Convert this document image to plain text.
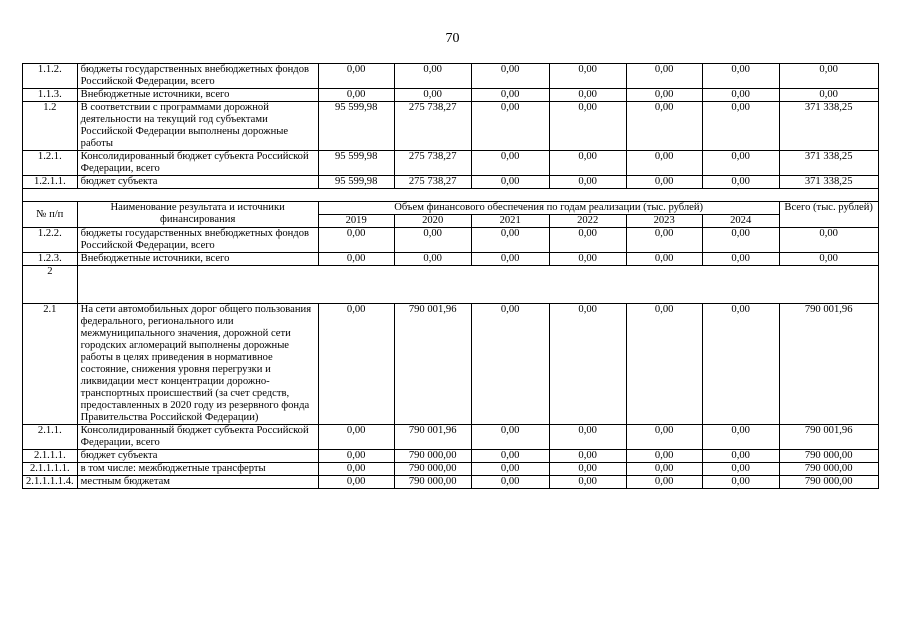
70
1.1.2.	бюджеты государственных внебюджетных фондов Российской Федерации, всего	0,00	0,00	0,00	0,00	0,00	0,00	0,00
1.1.3.	Внебюджетные источники, всего	0,00	0,00	0,00	0,00	0,00	0,00	0,00
1.2	В соответствии с программами дорожной деятельности на текущий год субъектами Российской Федерации выполнены дорожные работы	95 599,98	275 738,27	0,00	0,00	0,00	0,00	371 338,25
1.2.1.	Консолидированный бюджет субъекта Российской Федерации, всего	95 599,98	275 738,27	0,00	0,00	0,00	0,00	371 338,25
1.2.1.1.	бюджет субъекта	95 599,98	275 738,27	0,00	0,00	0,00	0,00	371 338,25

№ п/п	Наименование результата и источники финансирования	Объем финансового обеспечения по годам реализации (тыс. рублей)						Всего (тыс. рублей)
		2019	2020	2021	2022	2023	2024	
1.2.2.	бюджеты государственных внебюджетных фондов Российской Федерации, всего	0,00	0,00	0,00	0,00	0,00	0,00	0,00
1.2.3.	Внебюджетные источники, всего	0,00	0,00	0,00	0,00	0,00	0,00	0,00
2								
2.1	На сети автомобильных дорог общего пользования федерального, регионального или межмуниципального значения, дорожной сети городских агломераций выполнены дорожные работы в целях приведения в нормативное состояние, снижения уровня перегрузки и ликвидации мест концентрации дорожно-транспортных происшествий (за счет средств, предоставленных в 2020 году из резервного фонда Правительства Российской Федерации)	0,00	790 001,96	0,00	0,00	0,00	0,00	790 001,96
2.1.1.	Консолидированный бюджет субъекта Российской Федерации, всего	0,00	790 001,96	0,00	0,00	0,00	0,00	790 001,96
2.1.1.1.	бюджет субъекта	0,00	790 000,00	0,00	0,00	0,00	0,00	790 000,00
2.1.1.1.1.	в том числе: межбюджетные трансферты	0,00	790 000,00	0,00	0,00	0,00	0,00	790 000,00
2.1.1.1.1.4.	местным бюджетам	0,00	790 000,00	0,00	0,00	0,00	0,00	790 000,00
